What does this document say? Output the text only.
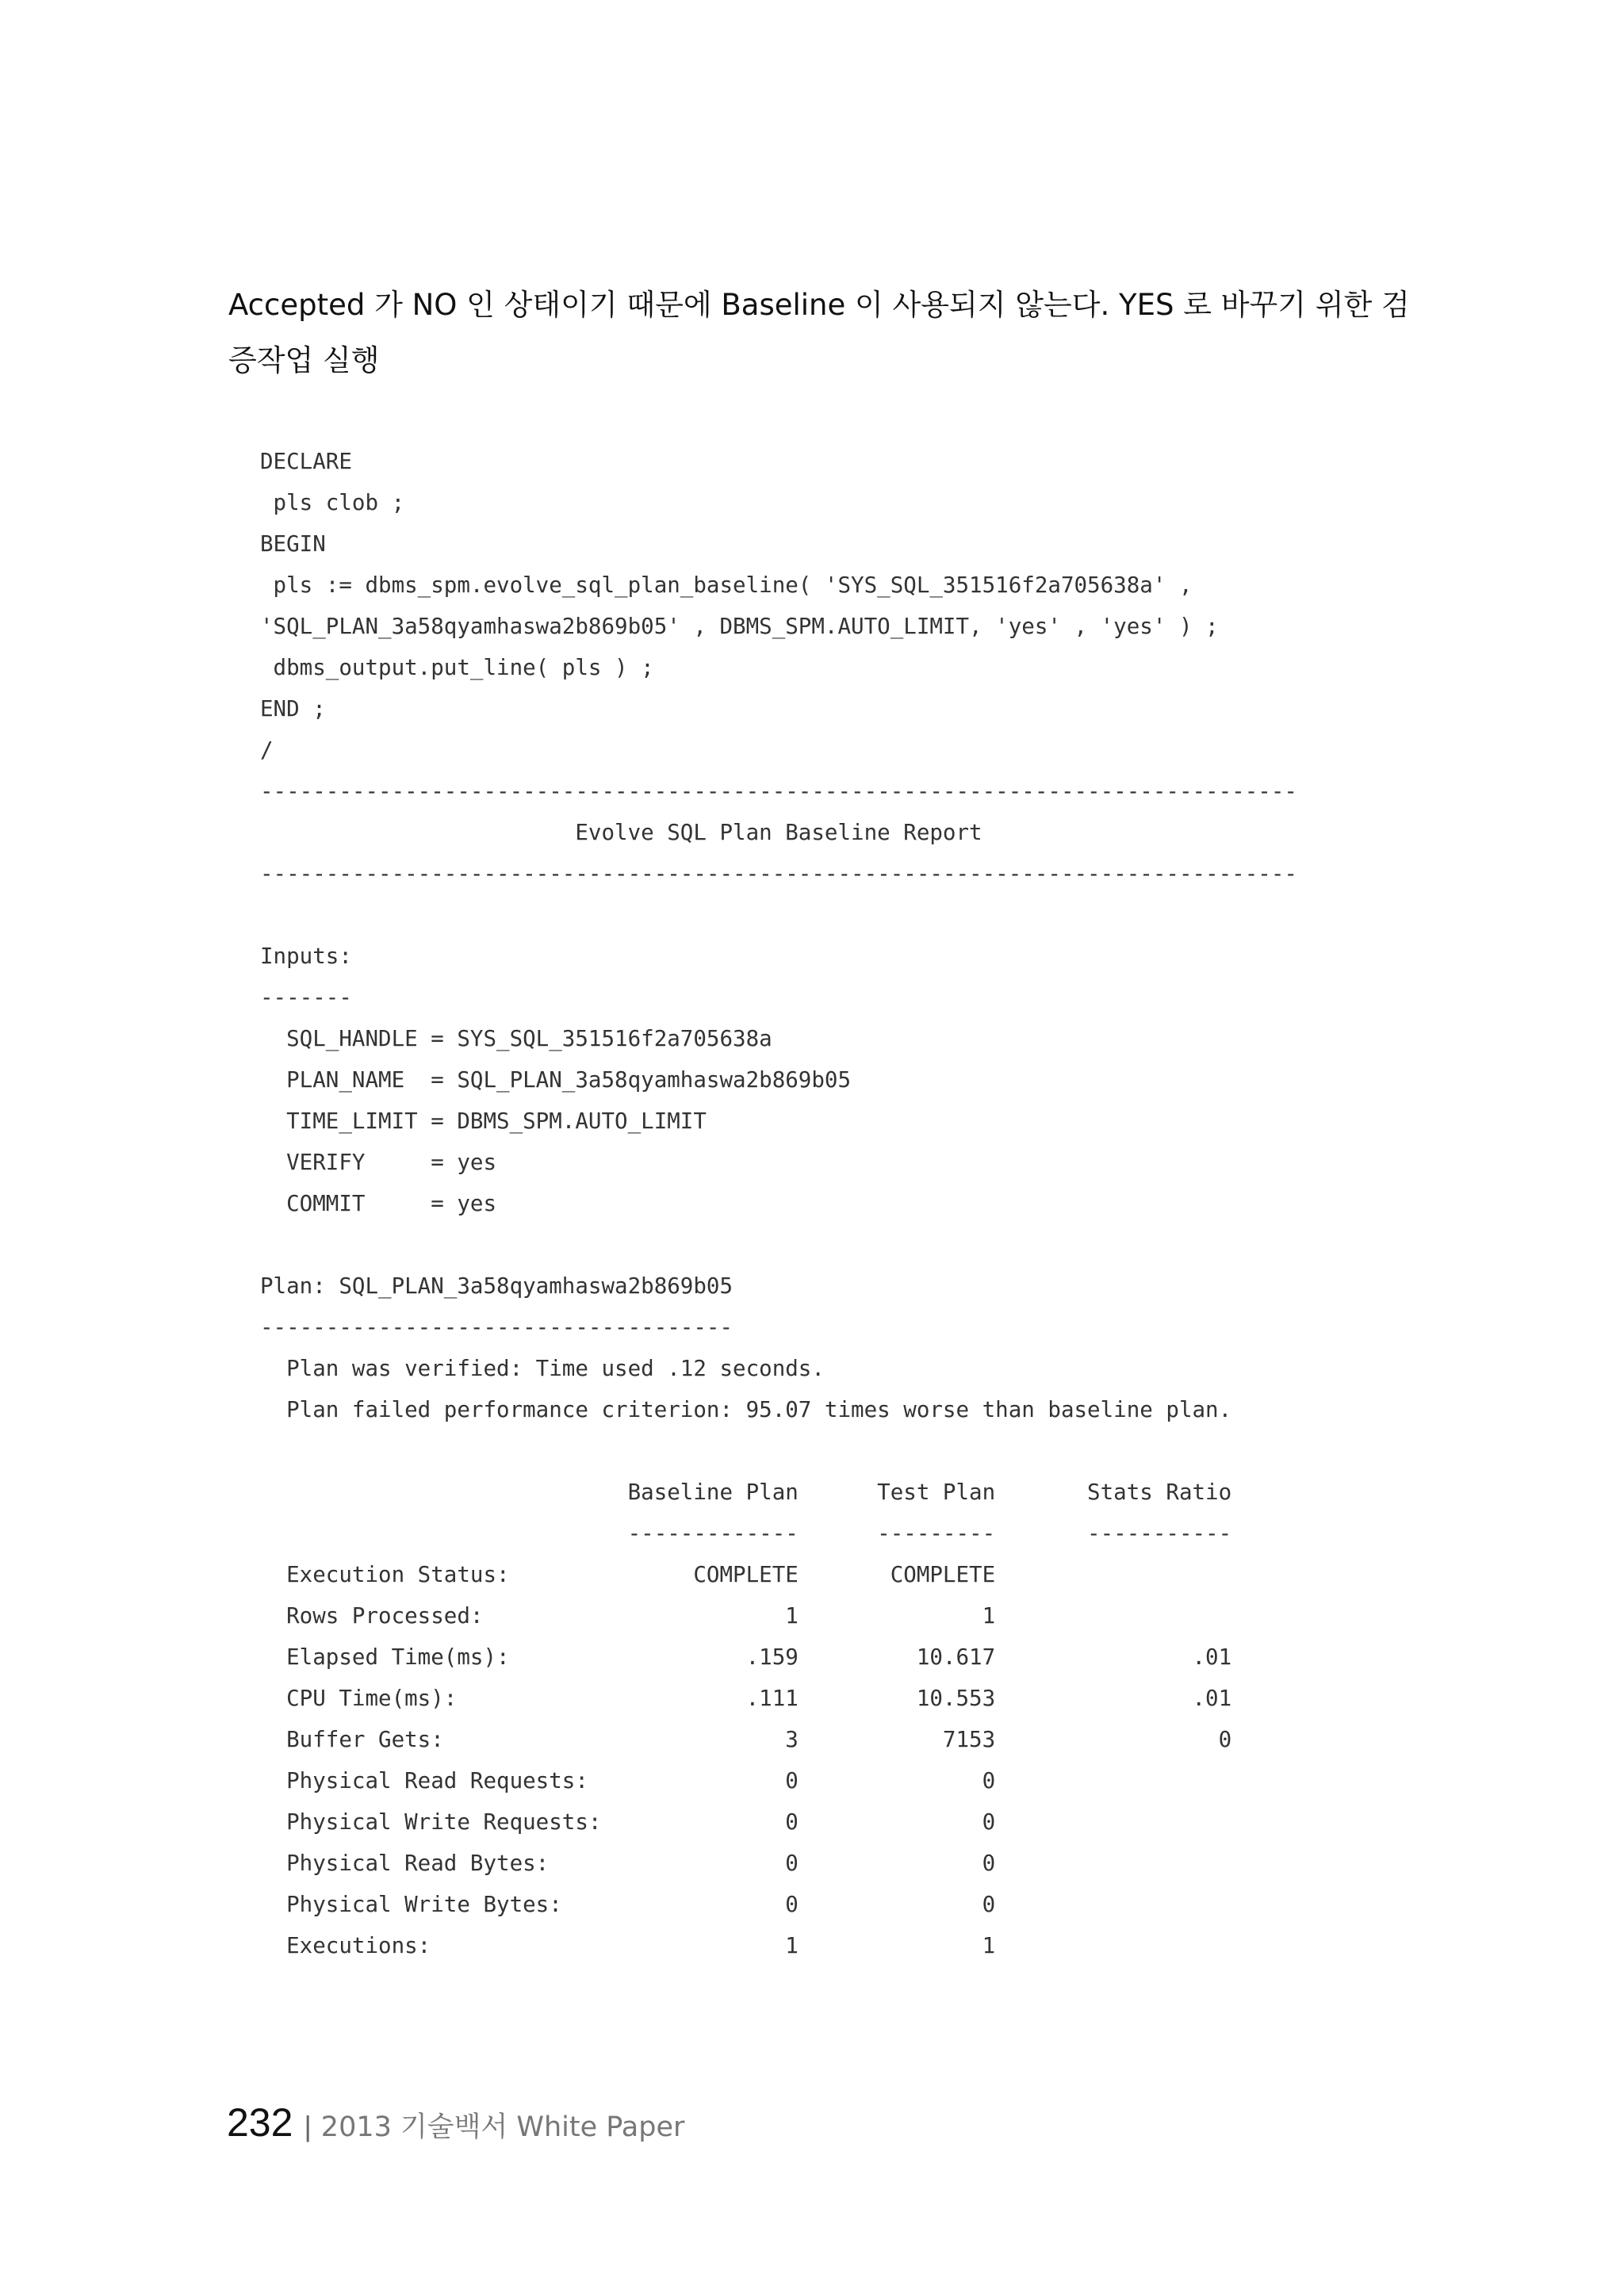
Accepted 가 NO 인 상태이기 때문에 Baseline 이 사용되지 않는다. YES 로 바꾸기 위한 검증작업 실행

DECLARE
pls clob ;
BEGIN
pls := dbms_spm.evolve_sql_plan_baseline( 'SYS_SQL_351516f2a705638a' ,
'SQL_PLAN_3a58qyamhaswa2b869b05' , DBMS_SPM.AUTO_LIMIT, 'yes' , 'yes' ) ;
dbms_output.put_line( pls ) ;
END ;
/
-------------------------------------------------------------------------------
Evolve SQL Plan Baseline Report
-------------------------------------------------------------------------------

Inputs:
-------
SQL_HANDLE = SYS_SQL_351516f2a705638a
PLAN_NAME  = SQL_PLAN_3a58qyamhaswa2b869b05
TIME_LIMIT = DBMS_SPM.AUTO_LIMIT
VERIFY     = yes
COMMIT     = yes

Plan: SQL_PLAN_3a58qyamhaswa2b869b05
------------------------------------
Plan was verified: Time used .12 seconds.
Plan failed performance criterion: 95.07 times worse than baseline plan.

Baseline Plan      Test Plan       Stats Ratio
-------------      ---------       -----------
Execution Status:              COMPLETE       COMPLETE
Rows Processed:                       1              1
Elapsed Time(ms):                  .159         10.617               .01
CPU Time(ms):                      .111         10.553               .01
Buffer Gets:                          3           7153                 0
Physical Read Requests:               0              0
Physical Write Requests:              0              0
Physical Read Bytes:                  0              0
Physical Write Bytes:                 0              0
Executions:                           1              1
232 | 2013 기술백서 White Paper
